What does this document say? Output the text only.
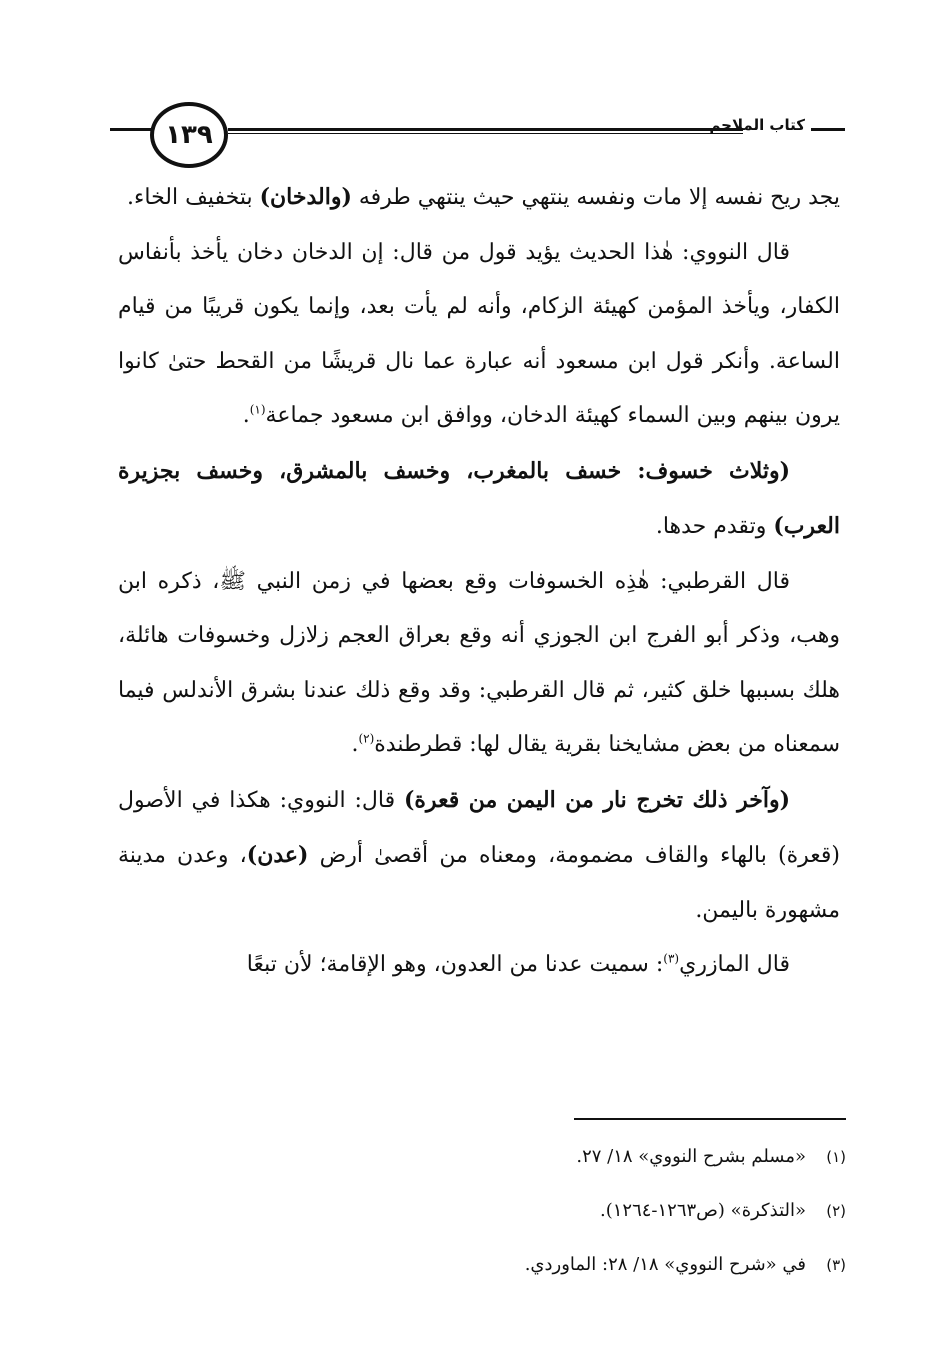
١٣٩	كتاب الملاحم

يجد ريح نفسه إلا مات ونفسه ينتهي حيث ينتهي طرفه (والدخان) بتخفيف الخاء.

قال النووي: هٰذا الحديث يؤيد قول من قال: إن الدخان دخان يأخذ بأنفاس الكفار، ويأخذ المؤمن كهيئة الزكام، وأنه لم يأت بعد، وإنما يكون قريبًا من قيام الساعة. وأنكر قول ابن مسعود أنه عبارة عما نال قريشًا من القحط حتىٰ كانوا يرون بينهم وبين السماء كهيئة الدخان، ووافق ابن مسعود جماعة$^{(١)}$.

(وثلاث خسوف: خسف بالمغرب، وخسف بالمشرق، وخسف بجزيرة العرب) وتقدم حدها.

قال القرطبي: هٰذِه الخسوفات وقع بعضها في زمن النبي ﷺ، ذكره ابن وهب، وذكر أبو الفرج ابن الجوزي أنه وقع بعراق العجم زلازل وخسوفات هائلة، هلك بسببها خلق كثير، ثم قال القرطبي: وقد وقع ذلك عندنا بشرق الأندلس فيما سمعناه من بعض مشايخنا بقرية يقال لها: قطرطندة$^{(٢)}$.

(وآخر ذلك تخرج نار من اليمن من قعرة) قال: النووي: هكذا في الأصول (قعرة) بالهاء والقاف مضمومة، ومعناه من أقصىٰ أرض (عدن)، وعدن مدينة مشهورة باليمن.

قال المازري$^{(٣)}$: سميت عدنا من العدون، وهو الإقامة؛ لأن تبعًا

(١)«مسلم بشرح النووي» ١٨/ ٢٧.
(٢)«التذكرة» (ص١٢٦٣-١٢٦٤).
(٣)في «شرح النووي» ١٨/ ٢٨: الماوردي.
